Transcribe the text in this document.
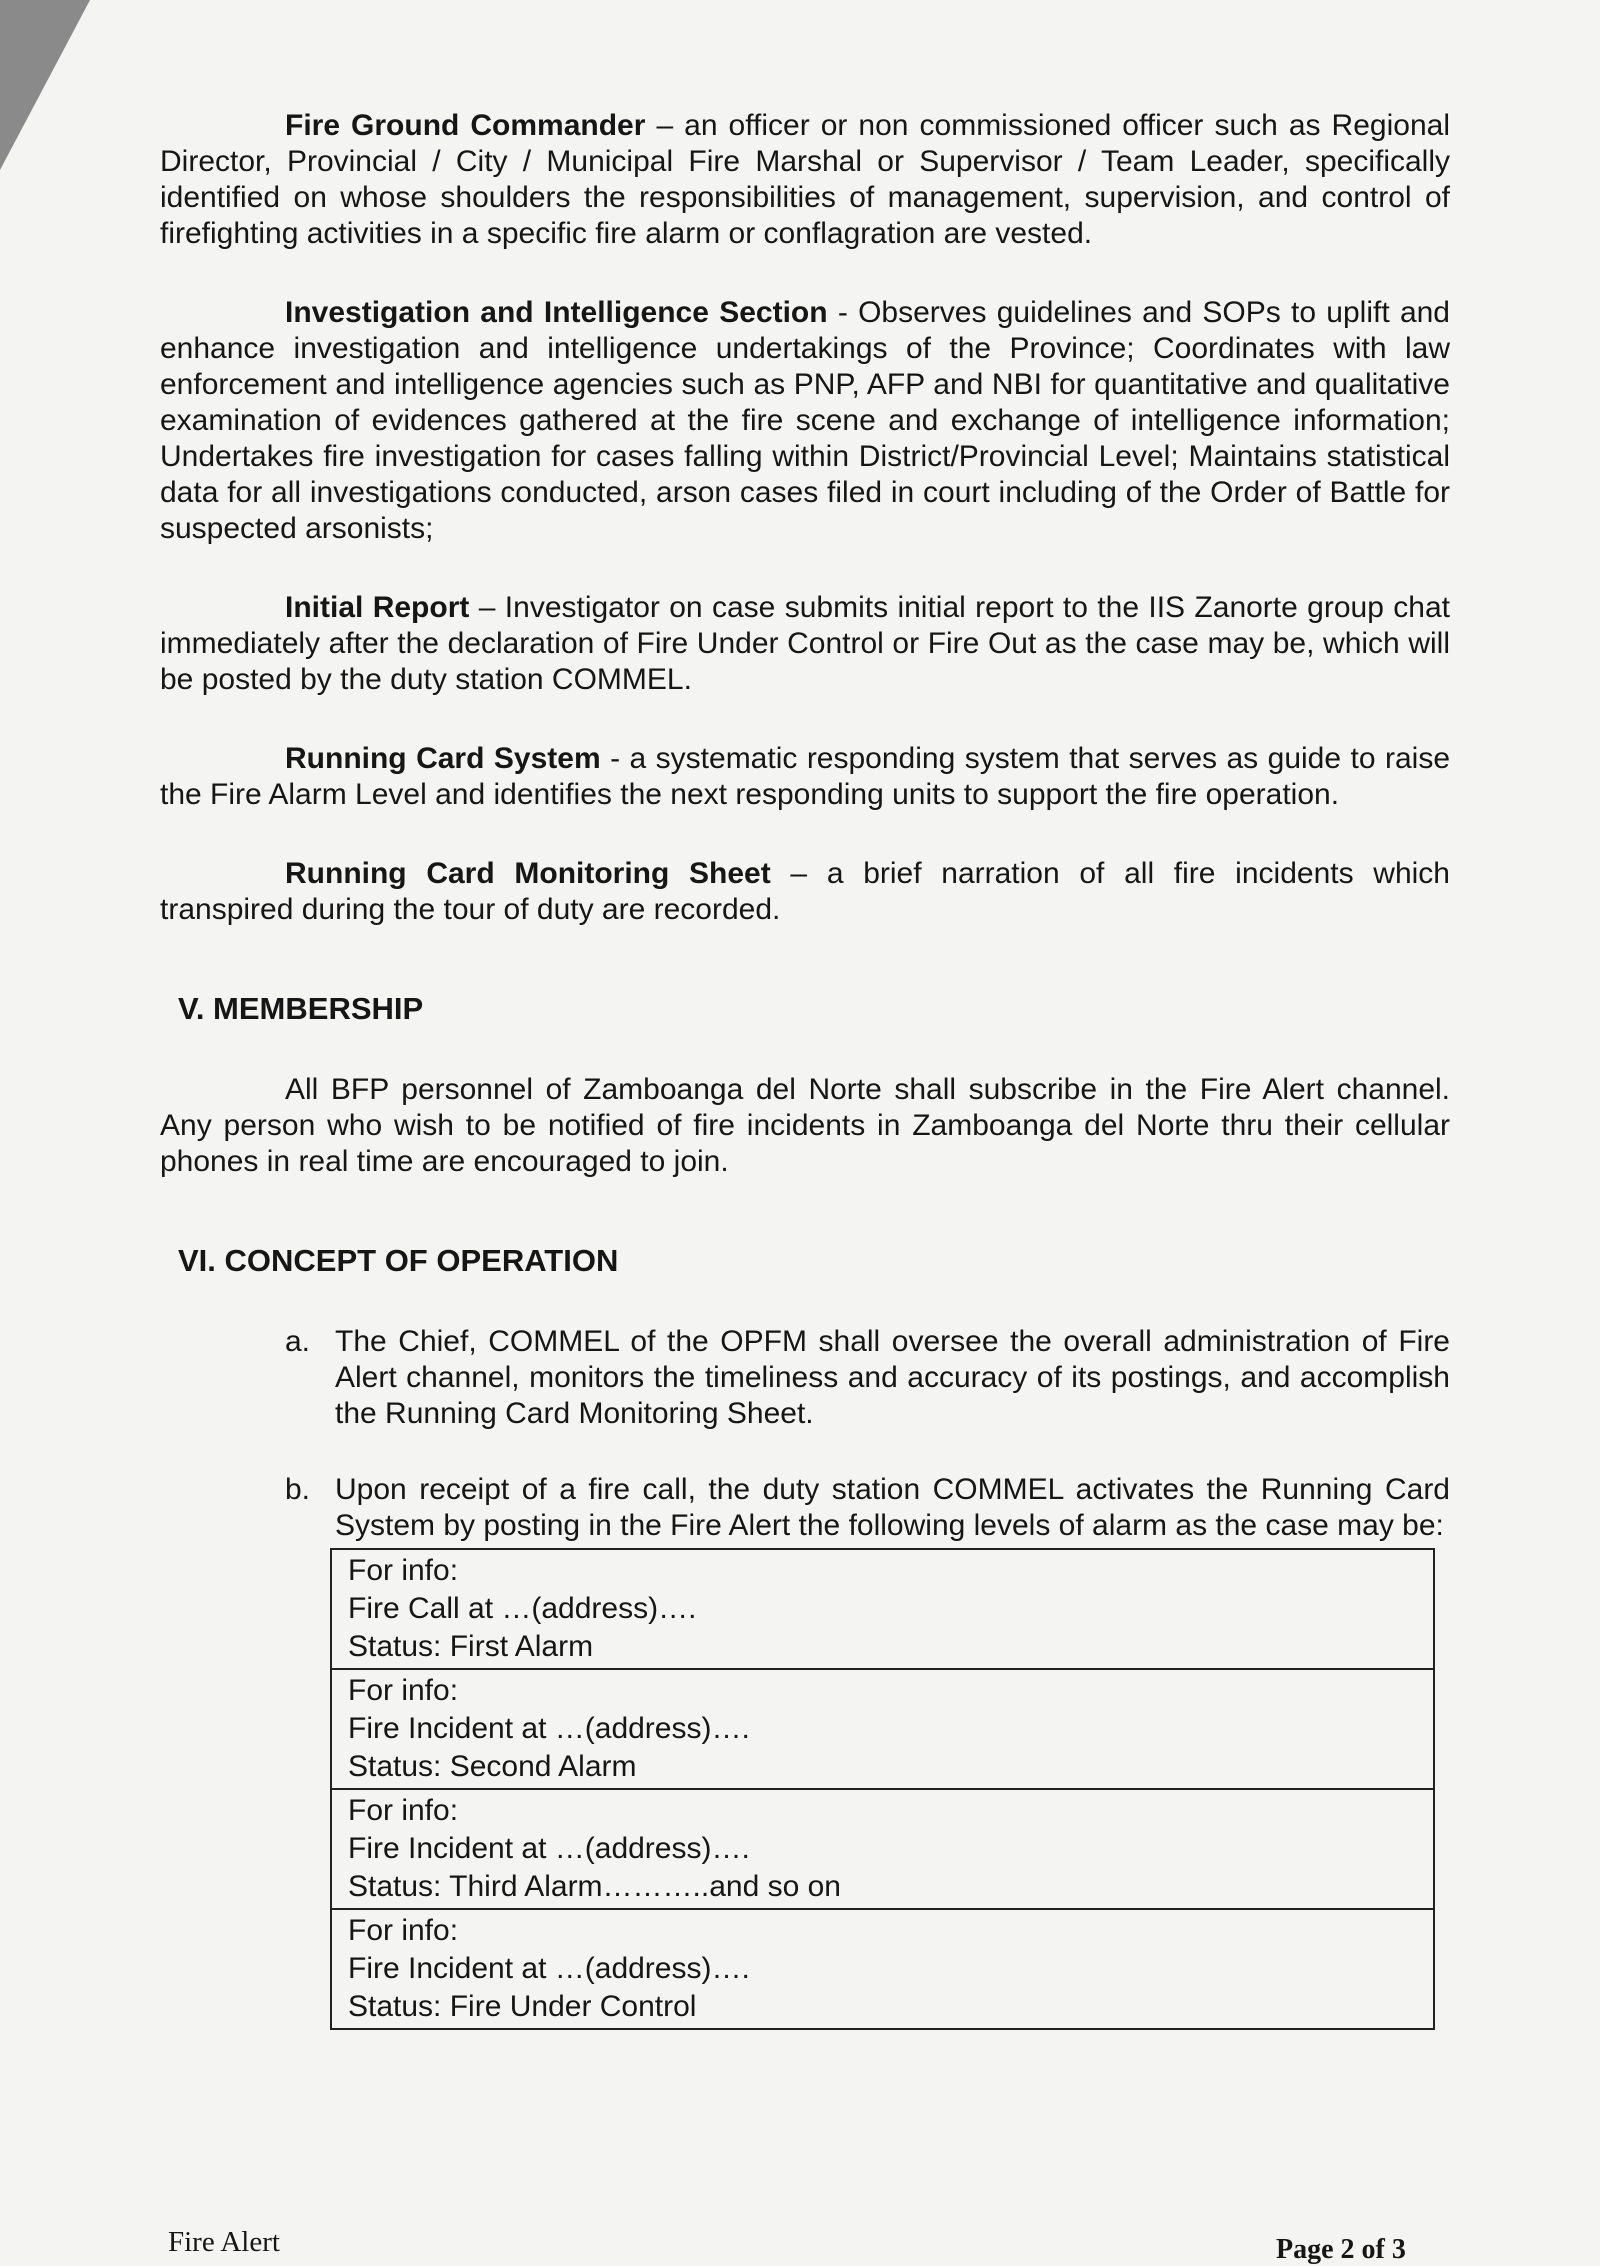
Fire Ground Commander – an officer or non commissioned officer such as Regional Director, Provincial / City / Municipal Fire Marshal or Supervisor / Team Leader, specifically identified on whose shoulders the responsibilities of management, supervision, and control of firefighting activities in a specific fire alarm or conflagration are vested.

Investigation and Intelligence Section - Observes guidelines and SOPs to uplift and enhance investigation and intelligence undertakings of the Province; Coordinates with law enforcement and intelligence agencies such as PNP, AFP and NBI for quantitative and qualitative examination of evidences gathered at the fire scene and exchange of intelligence information; Undertakes fire investigation for cases falling within District/Provincial Level; Maintains statistical data for all investigations conducted, arson cases filed in court including of the Order of Battle for suspected arsonists;

Initial Report – Investigator on case submits initial report to the IIS Zanorte group chat immediately after the declaration of Fire Under Control or Fire Out as the case may be, which will be posted by the duty station COMMEL.

Running Card System - a systematic responding system that serves as guide to raise the Fire Alarm Level and identifies the next responding units to support the fire operation.

Running Card Monitoring Sheet – a brief narration of all fire incidents which transpired during the tour of duty are recorded.

V. MEMBERSHIP

All BFP personnel of Zamboanga del Norte shall subscribe in the Fire Alert channel. Any person who wish to be notified of fire incidents in Zamboanga del Norte thru their cellular phones in real time are encouraged to join.

VI. CONCEPT OF OPERATION
a. The Chief, COMMEL of the OPFM shall oversee the overall administration of Fire Alert channel, monitors the timeliness and accuracy of its postings, and accomplish the Running Card Monitoring Sheet.
b. Upon receipt of a fire call, the duty station COMMEL activates the Running Card System by posting in the Fire Alert the following levels of alarm as the case may be:
For info:
Fire Call at …(address)….
Status: First Alarm

For info:
Fire Incident at …(address)….
Status: Second Alarm

For info:
Fire Incident at …(address)….
Status: Third Alarm………..and so on

For info:
Fire Incident at …(address)….
Status: Fire Under Control
Fire Alert	Page 2 of 3
